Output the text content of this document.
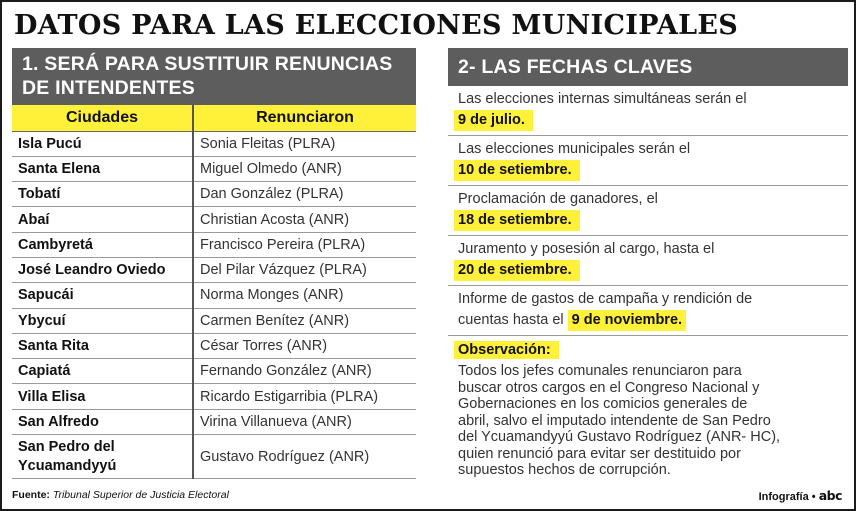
DATOS PARA LAS ELECCIONES MUNICIPALES
1. SERÁ PARA SUSTITUIR RENUNCIAS DE INTENDENTES
Ciudades	Renunciaron
Isla Pucú	Sonia Fleitas (PLRA)
Santa Elena	Miguel Olmedo (ANR)
Tobatí	Dan González (PLRA)
Abaí	Christian Acosta (ANR)
Cambyretá	Francisco Pereira (PLRA)
José Leandro Oviedo	Del Pilar Vázquez (PLRA)
Sapucái	Norma Monges (ANR)
Ybycuí	Carmen Benítez (ANR)
Santa Rita	César Torres (ANR)
Capiatá	Fernando González (ANR)
Villa Elisa	Ricardo Estigarribia (PLRA)
San Alfredo	Virina Villanueva (ANR)
San Pedro del Ycuamandyyú	Gustavo Rodríguez (ANR)
2- LAS FECHAS CLAVES
Las elecciones internas simultáneas serán el
9 de julio.
Las elecciones municipales serán el
10 de setiembre.
Proclamación de ganadores, el
18 de setiembre.
Juramento y posesión al cargo, hasta el
20 de setiembre.
Informe de gastos de campaña y rendición de
cuentas hasta el 9 de noviembre.
Observación:
Todos los jefes comunales renunciaron para
buscar otros cargos en el Congreso Nacional y
Gobernaciones en los comicios generales de
abril, salvo el imputado intendente de San Pedro
del Ycuamandyyú Gustavo Rodríguez (ANR- HC),
quien renunció para evitar ser destituido por
supuestos hechos de corrupción.
Fuente: Tribunal Superior de Justicia Electoral	Infografía • abc
